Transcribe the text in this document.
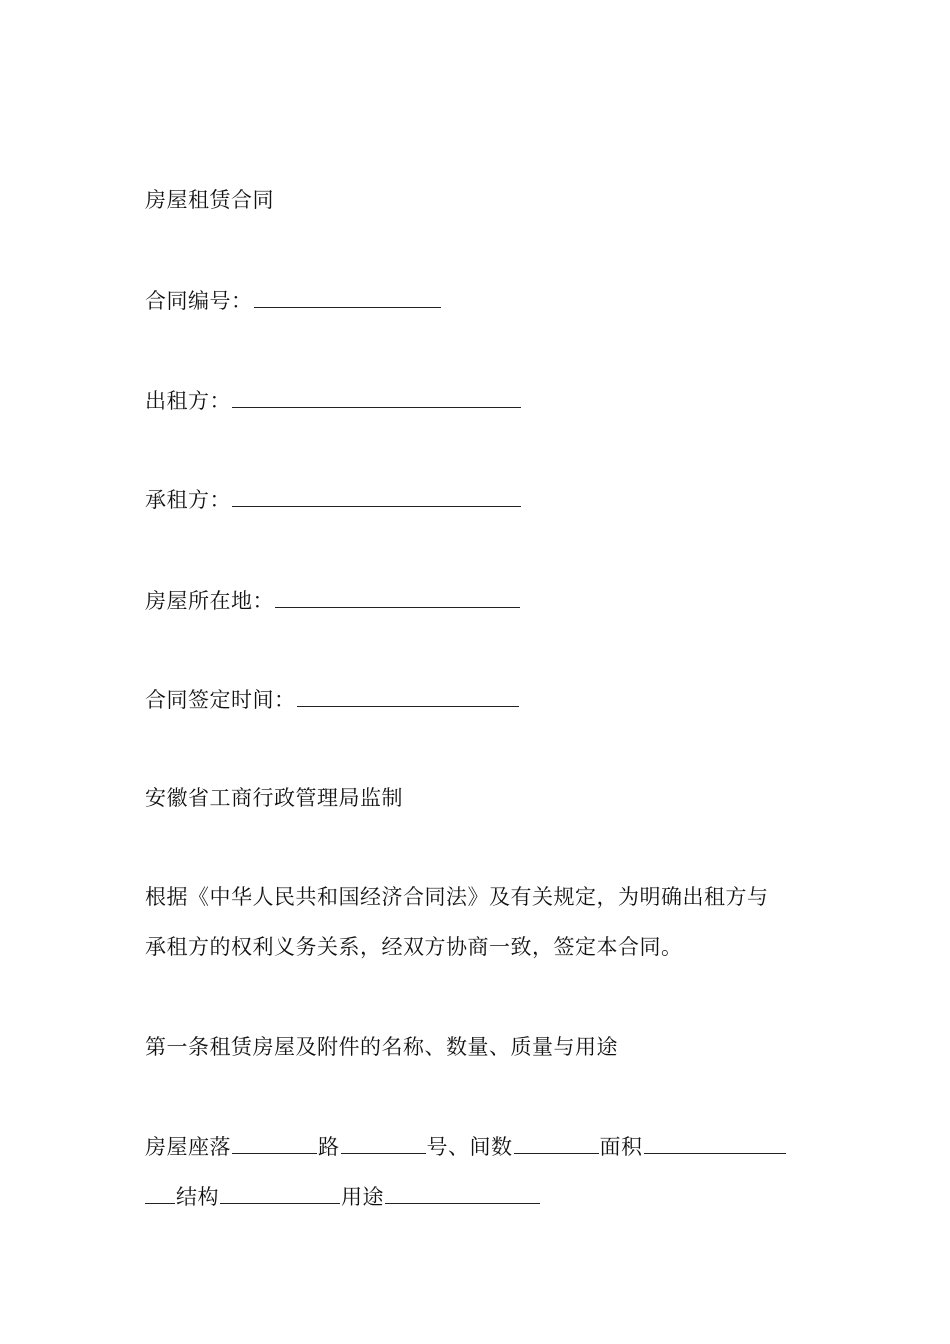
房屋租赁合同
合同编号：
出租方：
承租方：
房屋所在地：
合同签定时间：
安徽省工商行政管理局监制
根据《中华人民共和国经济合同法》及有关规定，为明确出租方与
承租方的权利义务关系，经双方协商一致，签定本合同。
第一条租赁房屋及附件的名称、数量、质量与用途
房屋座落	路	号、间数	面积
结构	用途
